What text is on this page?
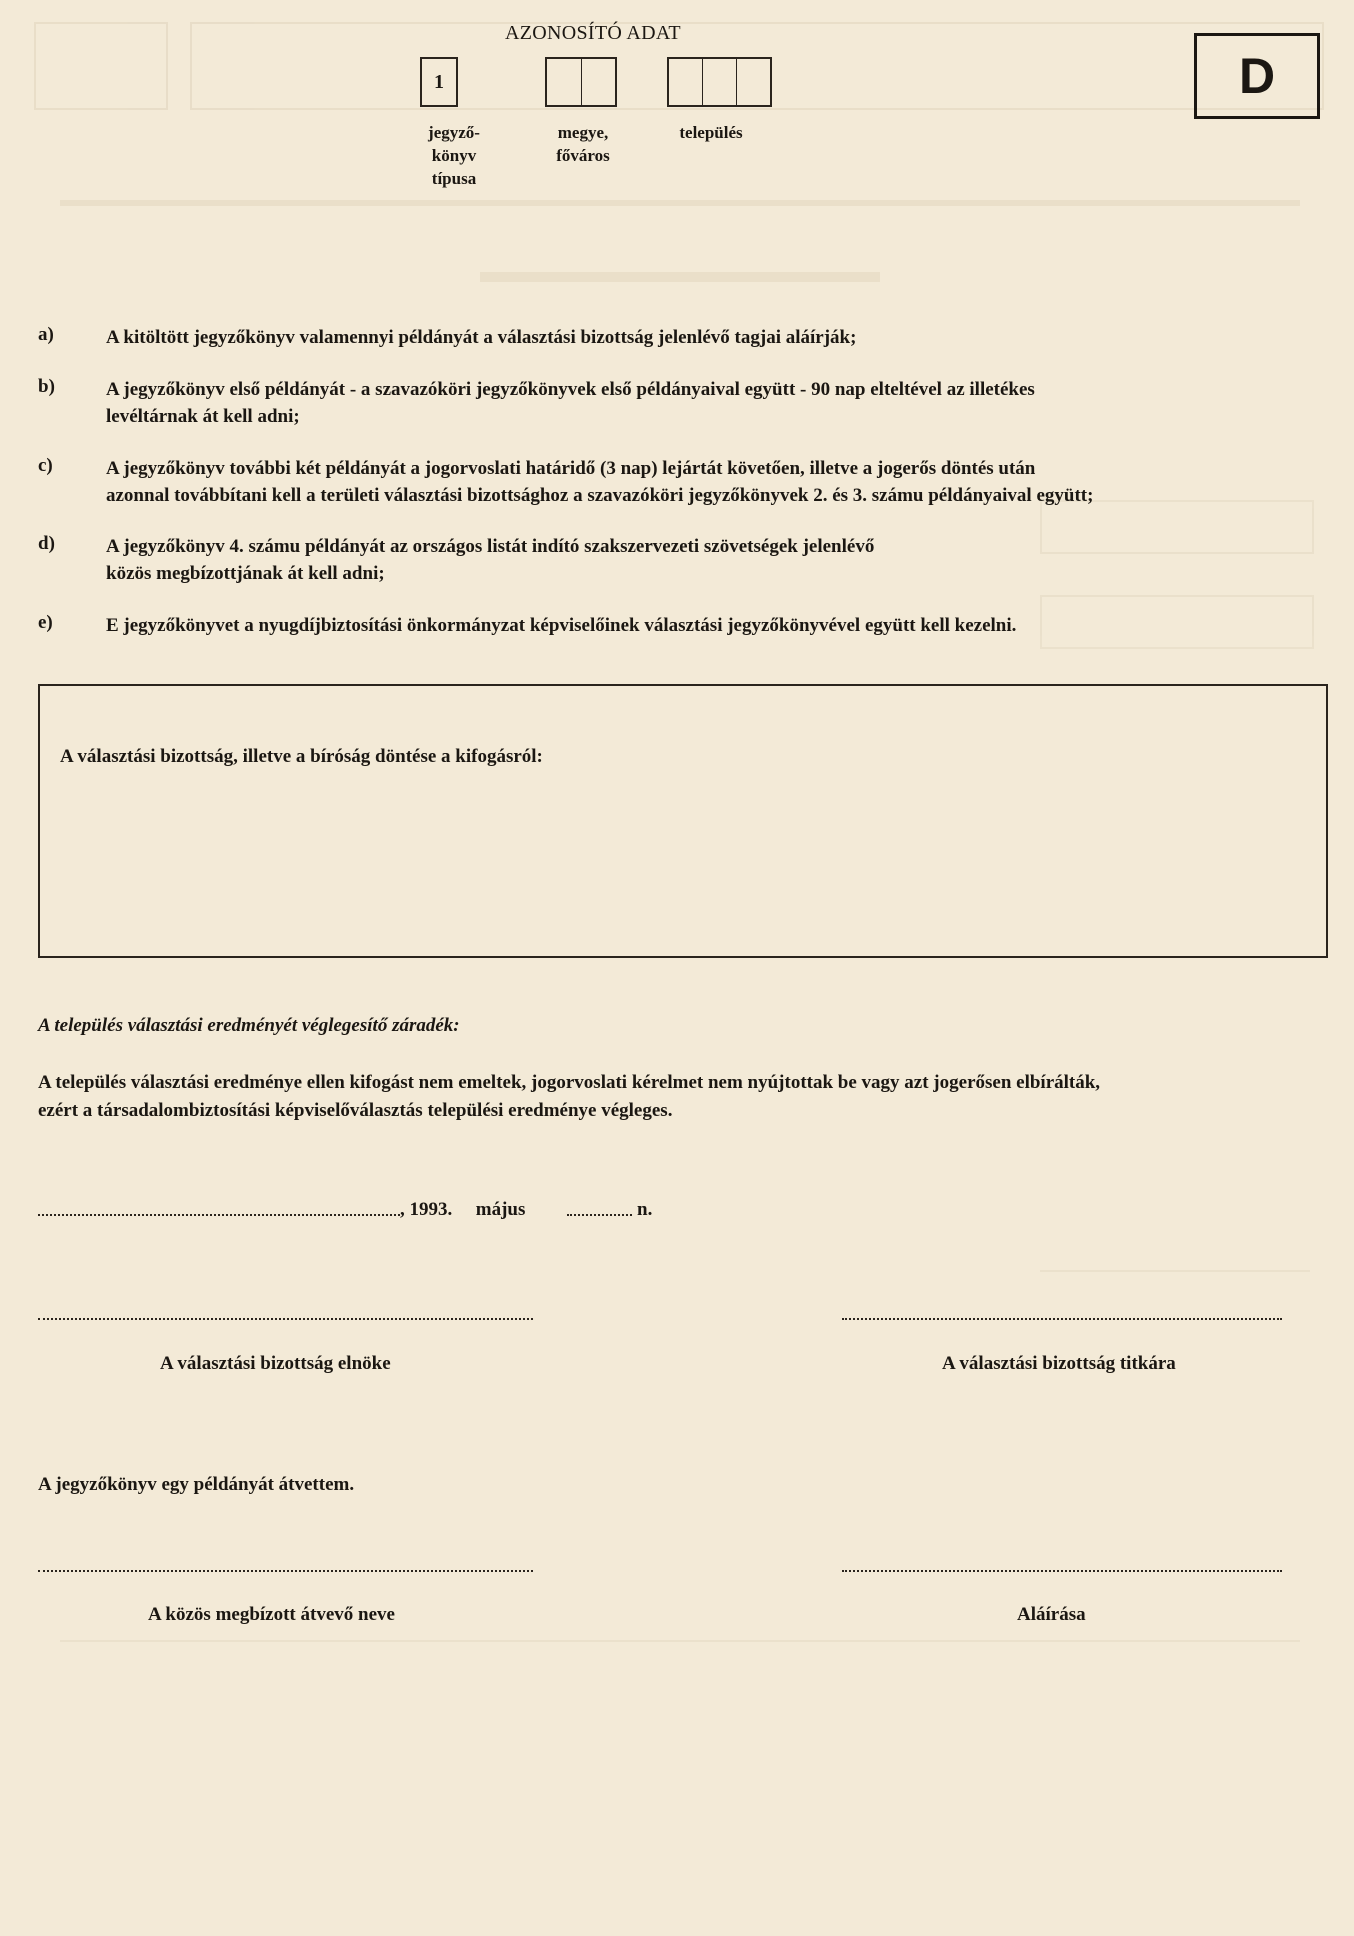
AZONOSÍTÓ ADAT
1
jegyző-
könyv
típusa
megye,
főváros
település
D
a)	A kitöltött jegyzőkönyv valamennyi példányát a választási bizottság jelenlévő tagjai aláírják;
b)	A jegyzőkönyv első példányát - a szavazóköri jegyzőkönyvek első példányaival együtt - 90 nap elteltével az illetékes
levéltárnak át kell adni;
c)	A jegyzőkönyv további két példányát a jogorvoslati határidő (3 nap) lejártát követően, illetve a jogerős döntés után
azonnal továbbítani kell a területi választási bizottsághoz a szavazóköri jegyzőkönyvek 2. és 3. számu példányaival együtt;
d)	A jegyzőkönyv 4. számu példányát az országos listát indító szakszervezeti szövetségek jelenlévő
közös megbízottjának át kell adni;
e)	E jegyzőkönyvet a nyugdíjbiztosítási önkormányzat képviselőinek választási jegyzőkönyvével együtt kell kezelni.
A választási bizottság, illetve a bíróság döntése a kifogásról:
A település választási eredményét véglegesítő záradék:
A település választási eredménye ellen kifogást nem emeltek, jogorvoslati kérelmet nem nyújtottak be vagy azt jogerősen elbírálták,
ezért a társadalombiztosítási képviselőválasztás települési eredménye végleges.
, 1993. május	n.
A választási bizottság elnöke	A választási bizottság titkára
A jegyzőkönyv egy példányát átvettem.
A közös megbízott átvevő neve	Aláírása
